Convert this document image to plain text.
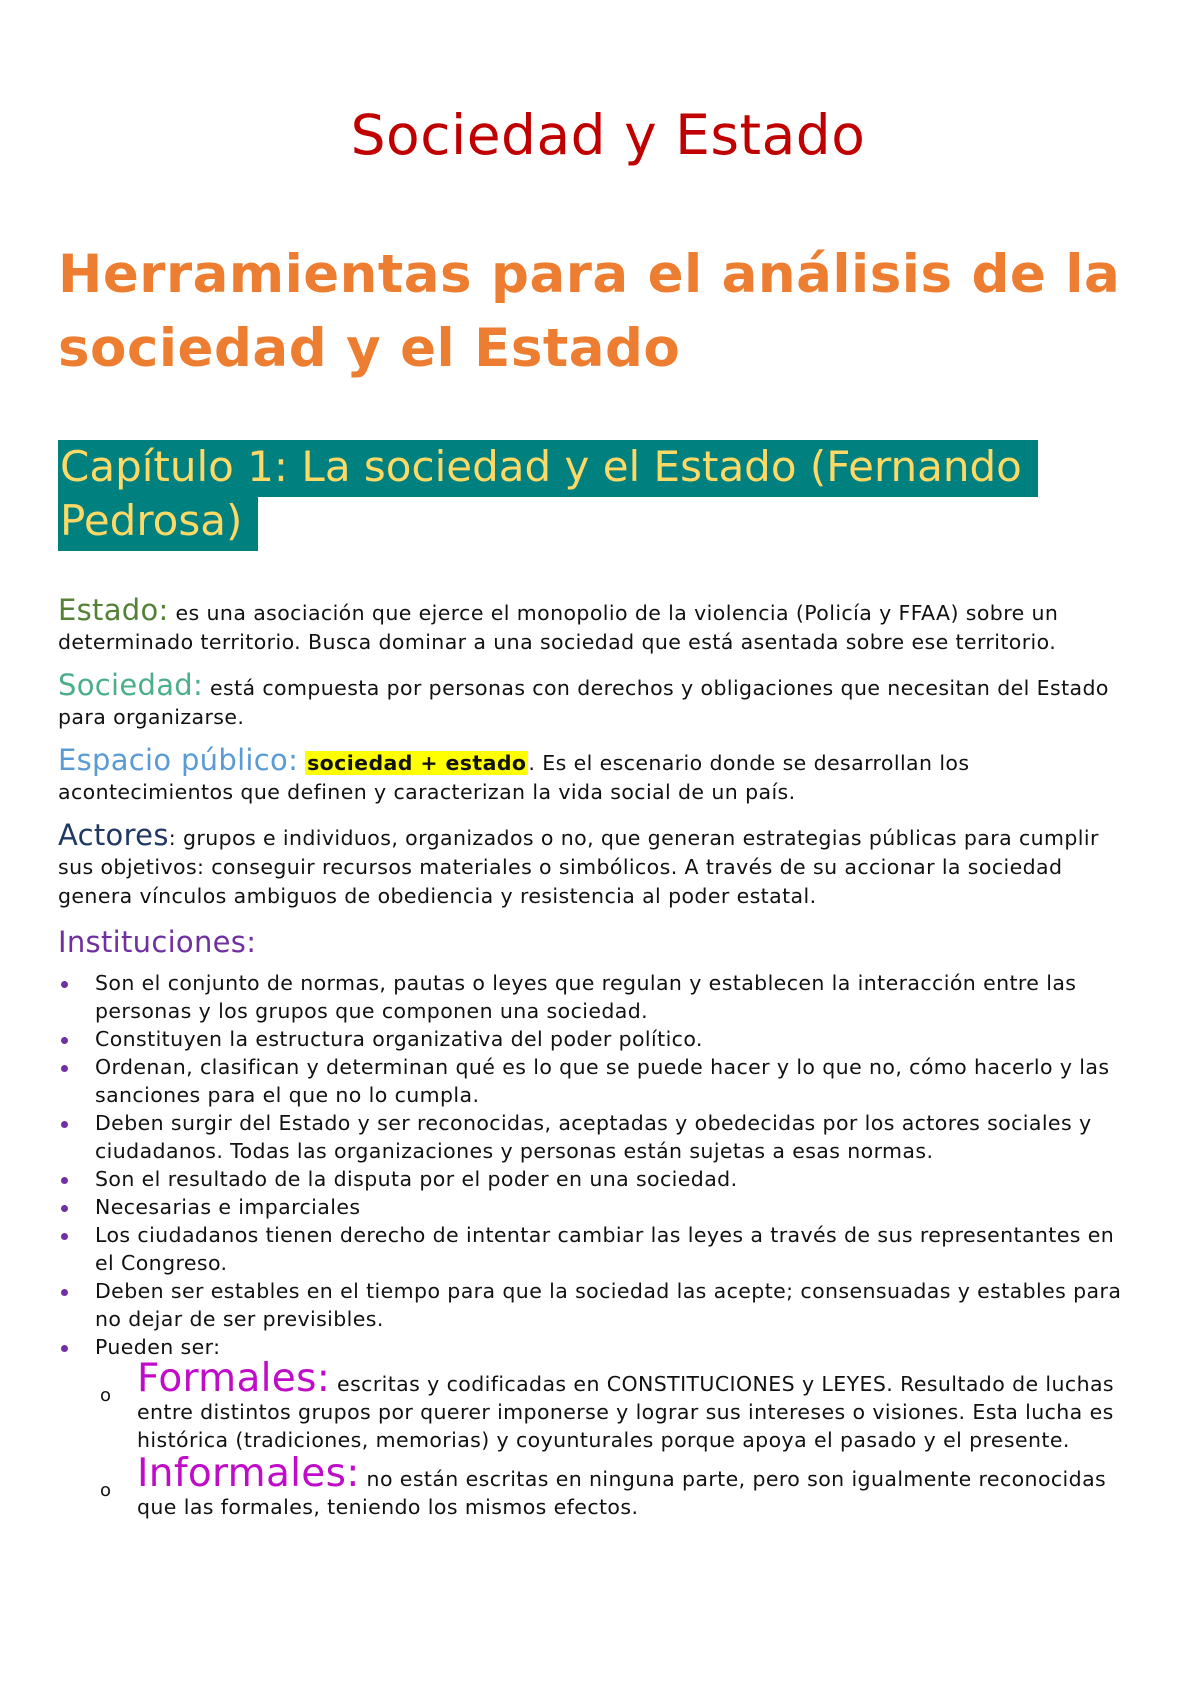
Sociedad y Estado
Herramientas para el análisis de la sociedad y el Estado
Capítulo 1: La sociedad y el Estado (Fernando Pedrosa)

Estado: es una asociación que ejerce el monopolio de la violencia (Policía y FFAA) sobre un determinado territorio. Busca dominar a una sociedad que está asentada sobre ese territorio.

Sociedad: está compuesta por personas con derechos y obligaciones que necesitan del Estado para organizarse.

Espacio público: sociedad + estado. Es el escenario donde se desarrollan los acontecimientos que definen y caracterizan la vida social de un país.

Actores: grupos e individuos, organizados o no, que generan estrategias públicas para cumplir sus objetivos: conseguir recursos materiales o simbólicos. A través de su accionar la sociedad genera vínculos ambiguos de obediencia y resistencia al poder estatal.

Instituciones:
Son el conjunto de normas, pautas o leyes que regulan y establecen la interacción entre las personas y los grupos que componen una sociedad.
Constituyen la estructura organizativa del poder político.
Ordenan, clasifican y determinan qué es lo que se puede hacer y lo que no, cómo hacerlo y las sanciones para el que no lo cumpla.
Deben surgir del Estado y ser reconocidas, aceptadas y obedecidas por los actores sociales y ciudadanos. Todas las organizaciones y personas están sujetas a esas normas.
Son el resultado de la disputa por el poder en una sociedad.
Necesarias e imparciales
Los ciudadanos tienen derecho de intentar cambiar las leyes a través de sus representantes en el Congreso.
Deben ser estables en el tiempo para que la sociedad las acepte; consensuadas y estables para no dejar de ser previsibles.
Pueden ser:
o Formales: escritas y codificadas en CONSTITUCIONES y LEYES. Resultado de luchas entre distintos grupos por querer imponerse y lograr sus intereses o visiones. Esta lucha es histórica (tradiciones, memorias) y coyunturales porque apoya el pasado y el presente.
o Informales: no están escritas en ninguna parte, pero son igualmente reconocidas que las formales, teniendo los mismos efectos.
